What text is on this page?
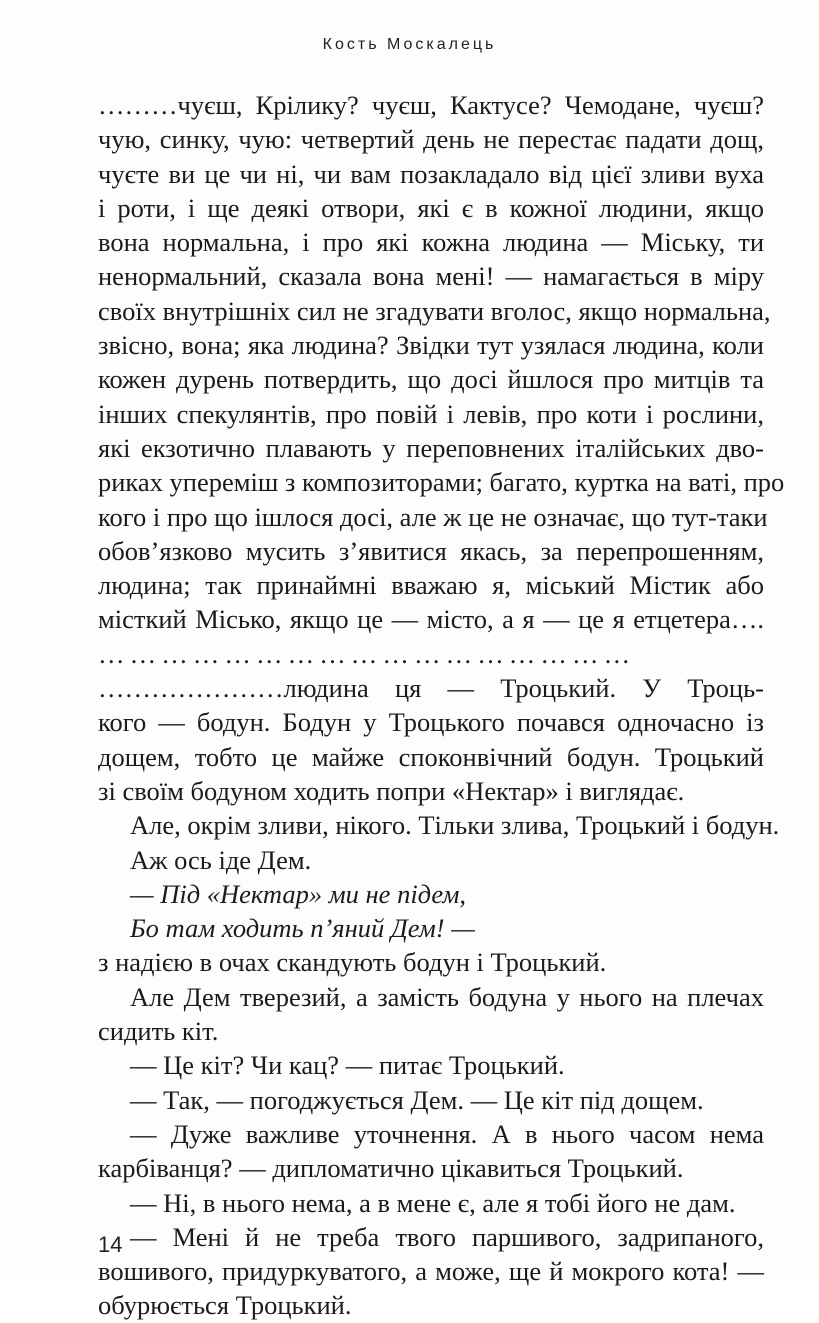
Кость Москалець
………чуєш, Крілику? чуєш, Кактусе? Чемодане, чуєш?
чую, синку, чую: четвертий день не перестає падати дощ,
чуєте ви це чи ні, чи вам позакладало від цієї зливи вуха
і роти, і ще деякі отвори, які є в кожної людини, якщо
вона нормальна, і про які кожна людина — Міську, ти
ненормальний, сказала вона мені! — намагається в міру
своїх внутрішніх сил не згадувати вголос, якщо нормальна,
звісно, вона; яка людина? Звідки тут узялася людина, коли
кожен дурень потвердить, що досі йшлося про митців та
інших спекулянтів, про повій і левів, про коти і рослини,
які екзотично плавають у переповнених італійських дво-
риках упереміш з композиторами; багато, куртка на ваті, про
кого і про що ішлося досі, але ж це не означає, що тут-таки
обов’язково мусить з’явитися якась, за перепрошенням,
людина; так принаймні вважаю я, міський Містик або
місткий Місько, якщо це — місто, а я — це я етцетера….
……………………………………………
…………………людина ця — Троцький. У Троць-
кого — бодун. Бодун у Троцького почався одночасно із
дощем, тобто це майже споконвічний бодун. Троцький
зі своїм бодуном ходить попри «Нектар» і виглядає.
Але, окрім зливи, нікого. Тільки злива, Троцький і бодун.
Аж ось іде Дем.
— Під «Нектар» ми не підем,
Бо там ходить п’яний Дем! —
з надією в очах скандують бодун і Троцький.
Але Дем тверезий, а замість бодуна у нього на плечах
сидить кіт.
— Це кіт? Чи кац? — питає Троцький.
— Так, — погоджується Дем. — Це кіт під дощем.
— Дуже важливе уточнення. А в нього часом нема
карбіванця? — дипломатично цікавиться Троцький.
— Ні, в нього нема, а в мене є, але я тобі його не дам.
— Мені й не треба твого паршивого, задрипаного,
вошивого, придуркуватого, а може, ще й мокрого кота! —
обурюється Троцький.
14
